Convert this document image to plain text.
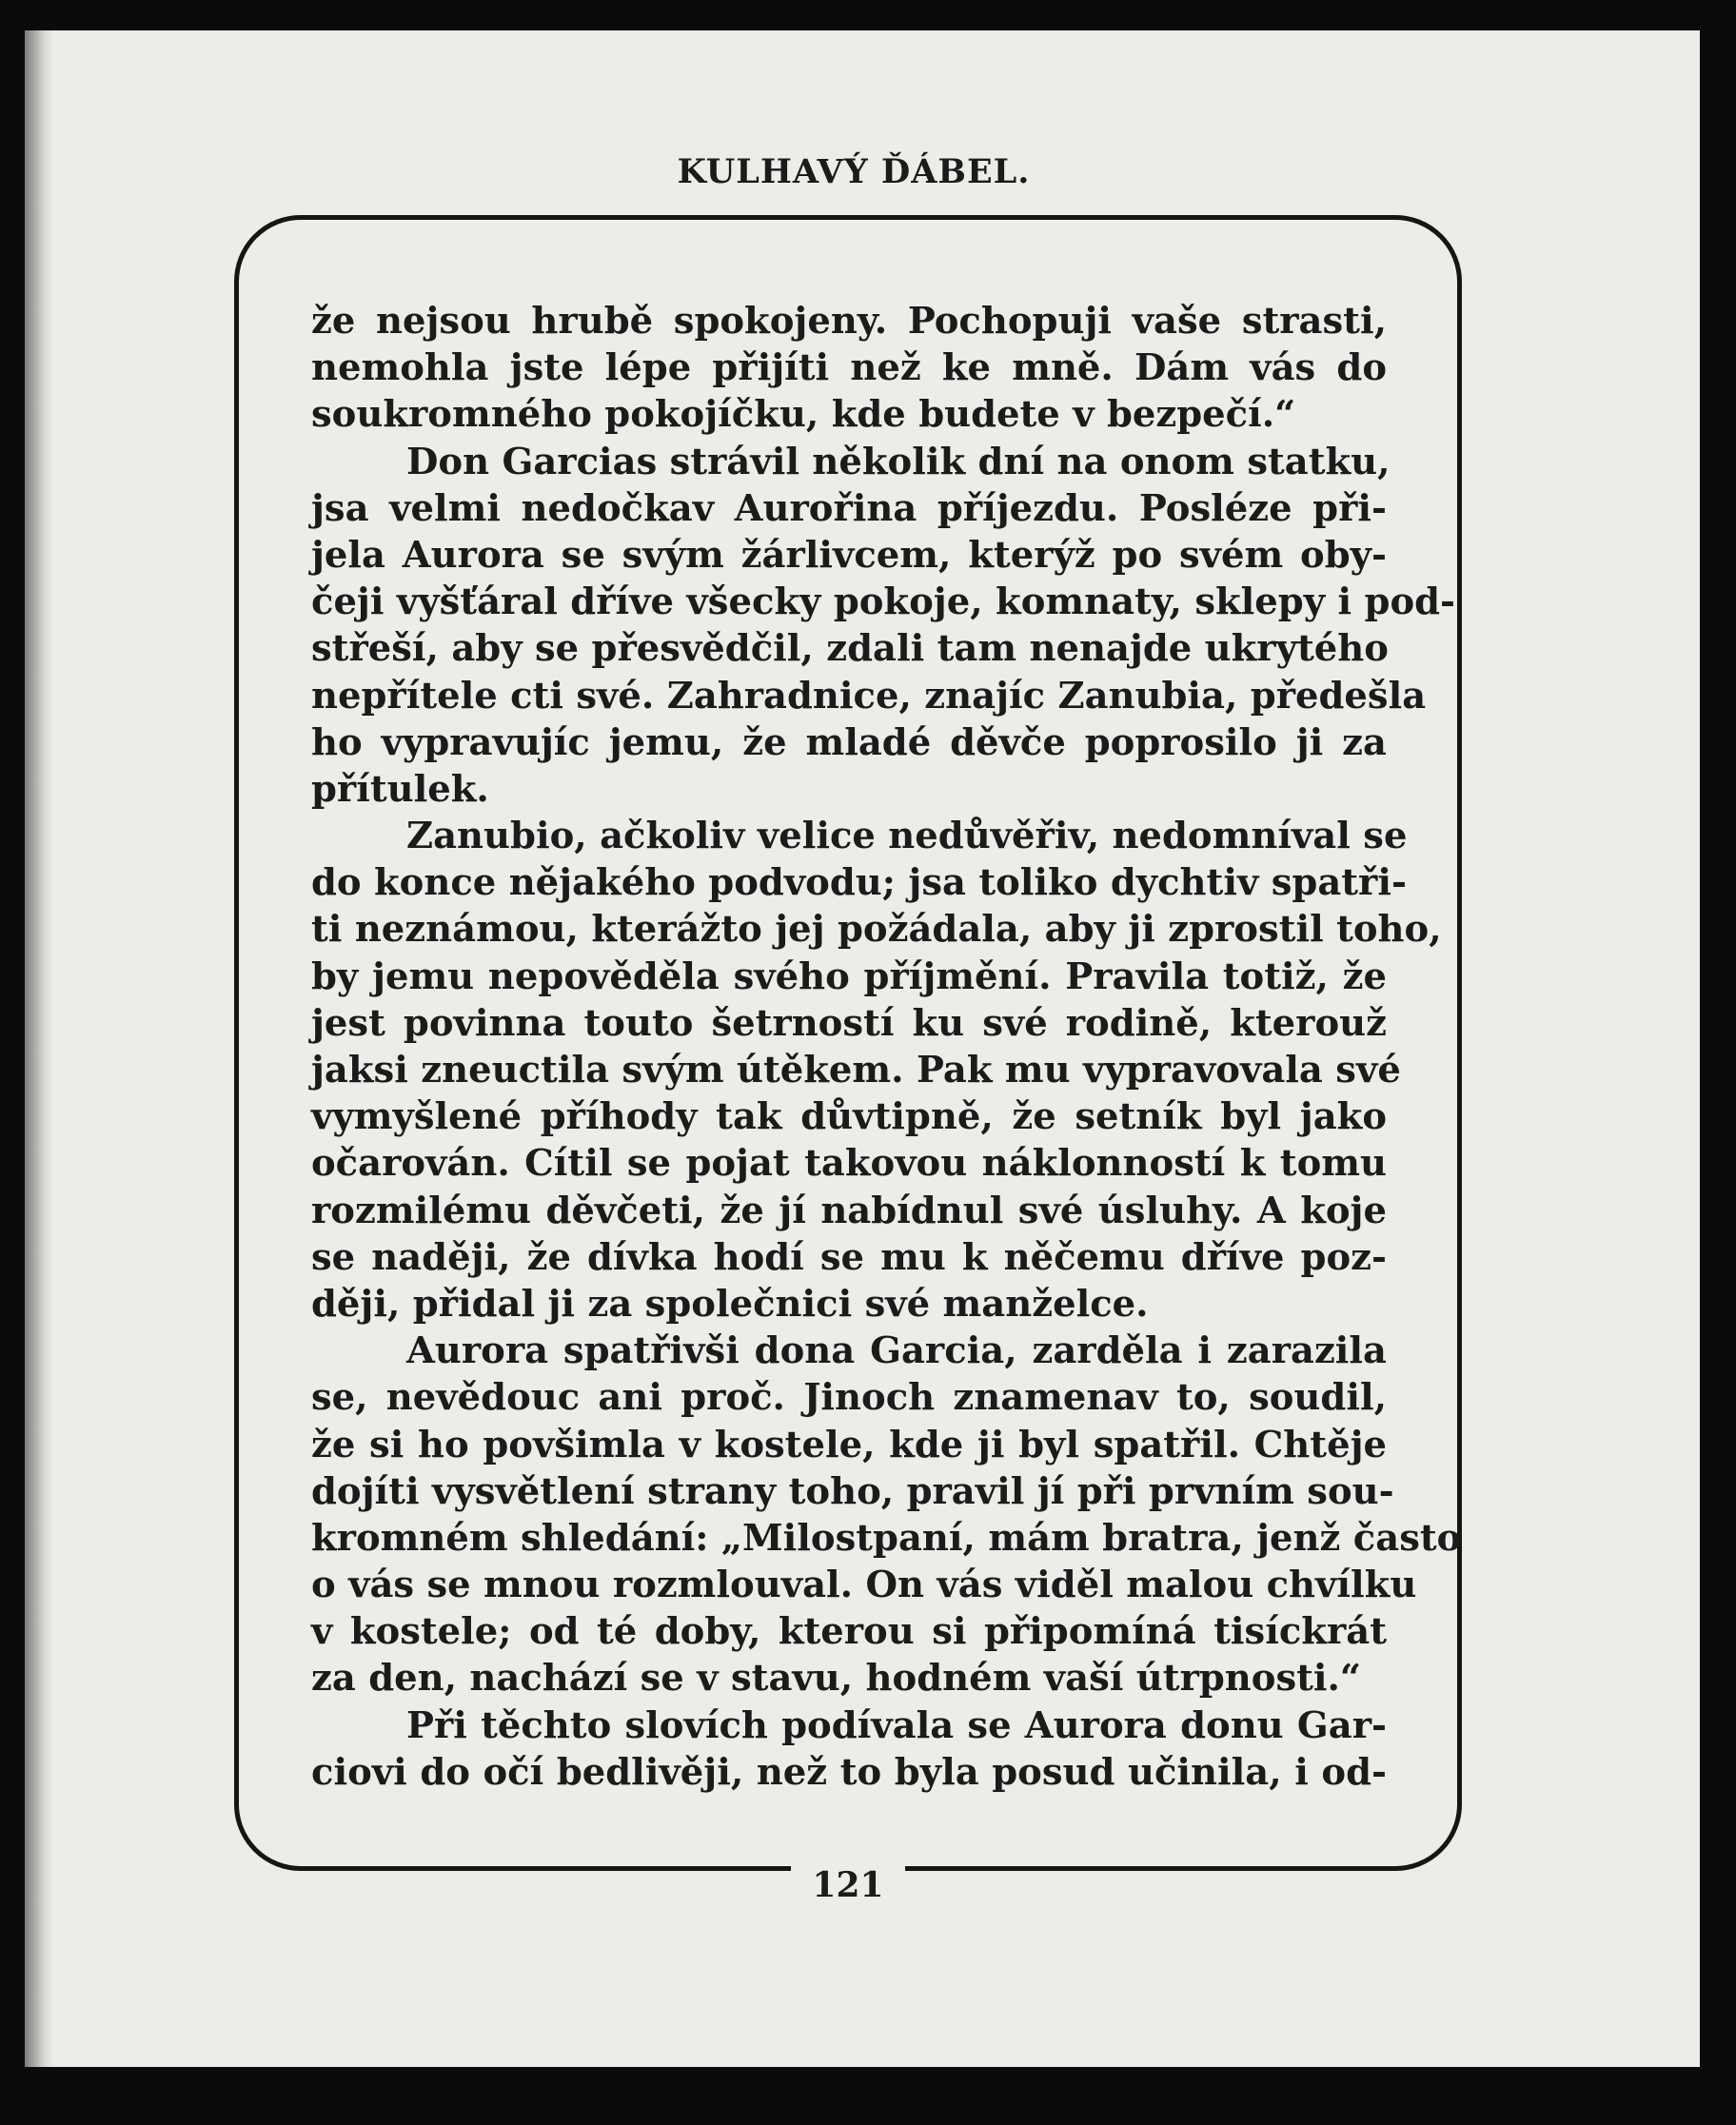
KULHAVÝ ĎÁBEL.
že nejsou hrubě spokojeny. Pochopuji vaše strasti,
nemohla jste lépe přijíti než ke mně. Dám vás do
soukromného pokojíčku, kde budete v bezpečí.“
Don Garcias strávil několik dní na onom statku,
jsa velmi nedočkav Aurořina příjezdu. Posléze při-
jela Aurora se svým žárlivcem, kterýž po svém oby-
čeji vyšťáral dříve všecky pokoje, komnaty, sklepy i pod-
střeší, aby se přesvědčil, zdali tam nenajde ukrytého
nepřítele cti své. Zahradnice, znajíc Zanubia, předešla
ho vypravujíc jemu, že mladé děvče poprosilo ji za
přítulek.
Zanubio, ačkoliv velice nedůvěřiv, nedomníval se
do konce nějakého podvodu; jsa toliko dychtiv spatři-
ti neznámou, kterážto jej požádala, aby ji zprostil toho,
by jemu nepověděla svého příjmění. Pravila totiž, že
jest povinna touto šetrností ku své rodině, kterouž
jaksi zneuctila svým útěkem. Pak mu vypravovala své
vymyšlené příhody tak důvtipně, že setník byl jako
očarován. Cítil se pojat takovou náklonností k tomu
rozmilému děvčeti, že jí nabídnul své úsluhy. A koje
se naději, že dívka hodí se mu k něčemu dříve poz-
ději, přidal ji za společnici své manželce.
Aurora spatřivši dona Garcia, zarděla i zarazila
se, nevědouc ani proč. Jinoch znamenav to, soudil,
že si ho povšimla v kostele, kde ji byl spatřil. Chtěje
dojíti vysvětlení strany toho, pravil jí při prvním sou-
kromném shledání: „Milostpaní, mám bratra, jenž často
o vás se mnou rozmlouval. On vás viděl malou chvílku
v kostele; od té doby, kterou si připomíná tisíckrát
za den, nachází se v stavu, hodném vaší útrpnosti.“
Při těchto slovích podívala se Aurora donu Gar-
ciovi do očí bedlivěji, než to byla posud učinila, i od-
121
